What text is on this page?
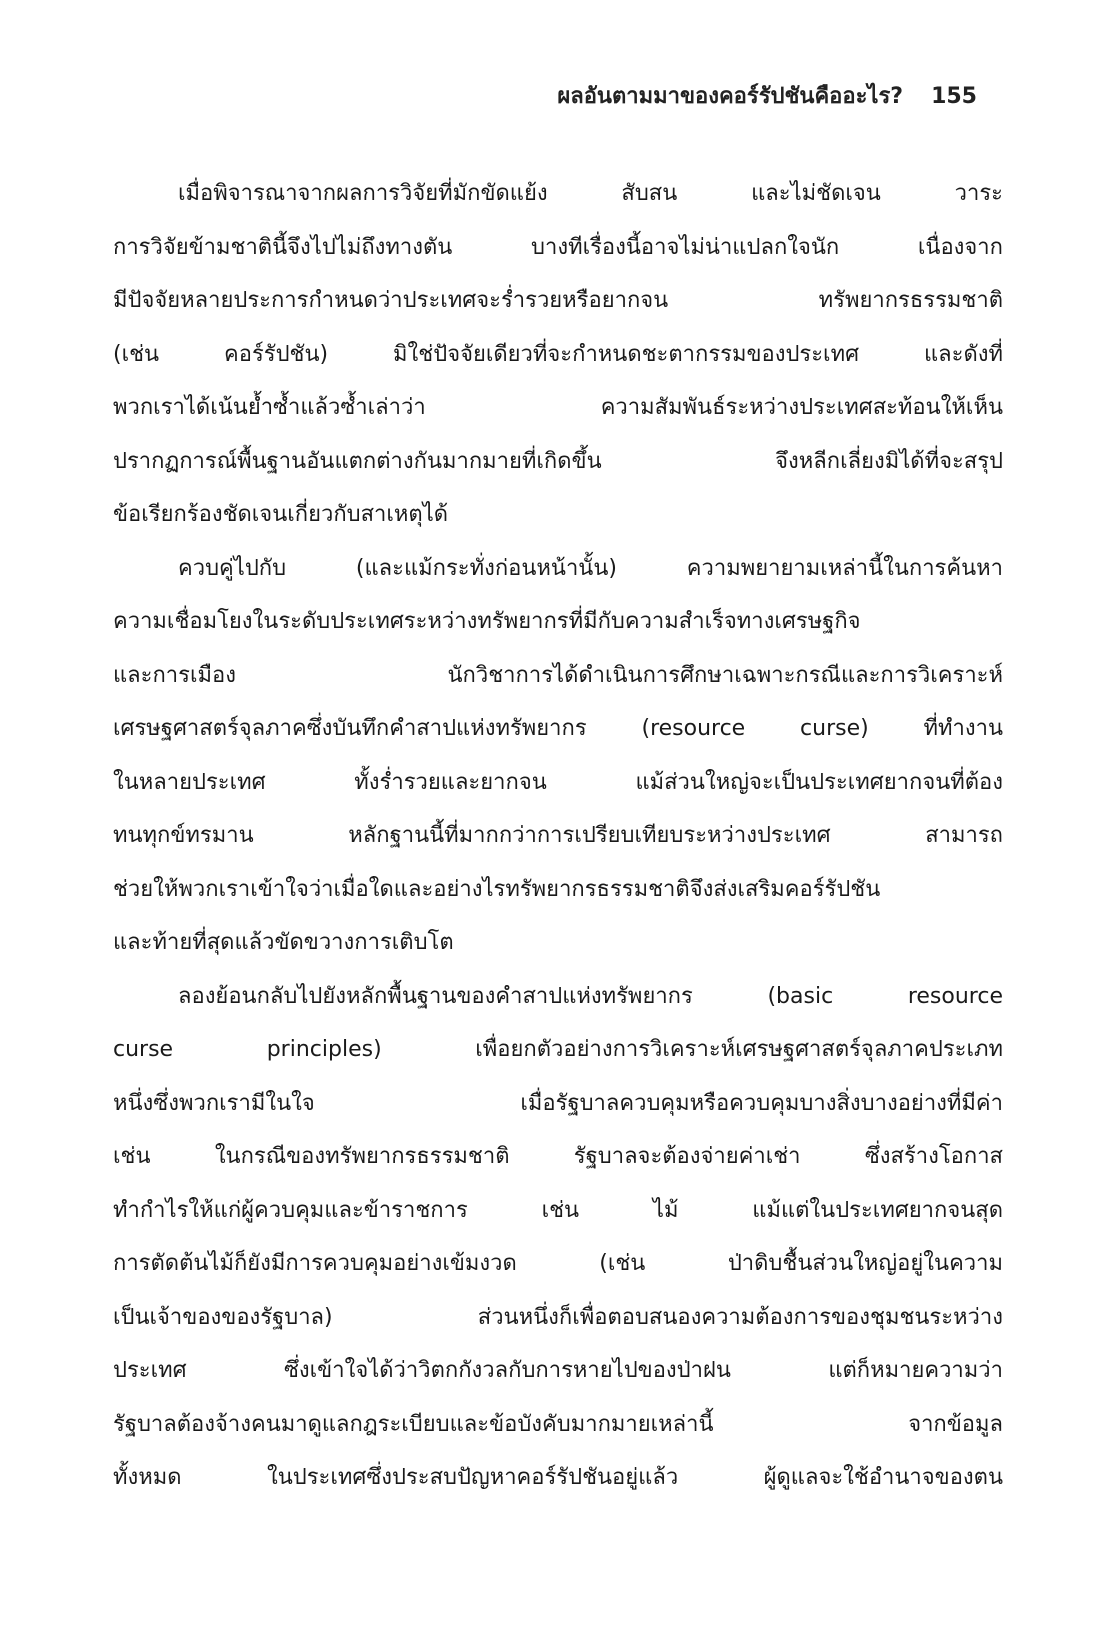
ผลอันตามมาของคอร์รัปชันคืออะไร? 155

เมื่อพิจารณาจากผลการวิจัยที่มักขัดแย้ง สับสน และไม่ชัดเจน วาระ
การวิจัยข้ามชาตินี้จึงไปไม่ถึงทางตัน บางทีเรื่องนี้อาจไม่น่าแปลกใจนัก เนื่องจาก
มีปัจจัยหลายประการกำหนดว่าประเทศจะร่ำรวยหรือยากจน ทรัพยากรธรรมชาติ
(เช่น คอร์รัปชัน) มิใช่ปัจจัยเดียวที่จะกำหนดชะตากรรมของประเทศ และดังที่
พวกเราได้เน้นย้ำซ้ำแล้วซ้ำเล่าว่า ความสัมพันธ์ระหว่างประเทศสะท้อนให้เห็น
ปรากฏการณ์พื้นฐานอันแตกต่างกันมากมายที่เกิดขึ้น จึงหลีกเลี่ยงมิได้ที่จะสรุป
ข้อเรียกร้องชัดเจนเกี่ยวกับสาเหตุได้

ควบคู่ไปกับ (และแม้กระทั่งก่อนหน้านั้น) ความพยายามเหล่านี้ในการค้นหา
ความเชื่อมโยงในระดับประเทศระหว่างทรัพยากรที่มีกับความสำเร็จทางเศรษฐกิจ
และการเมือง นักวิชาการได้ดำเนินการศึกษาเฉพาะกรณีและการวิเคราะห์
เศรษฐศาสตร์จุลภาคซึ่งบันทึกคำสาปแห่งทรัพยากร (resource curse) ที่ทำงาน
ในหลายประเทศ ทั้งร่ำรวยและยากจน แม้ส่วนใหญ่จะเป็นประเทศยากจนที่ต้อง
ทนทุกข์ทรมาน หลักฐานนี้ที่มากกว่าการเปรียบเทียบระหว่างประเทศ สามารถ
ช่วยให้พวกเราเข้าใจว่าเมื่อใดและอย่างไรทรัพยากรธรรมชาติจึงส่งเสริมคอร์รัปชัน
และท้ายที่สุดแล้วขัดขวางการเติบโต

ลองย้อนกลับไปยังหลักพื้นฐานของคำสาปแห่งทรัพยากร (basic resource
curse principles) เพื่อยกตัวอย่างการวิเคราะห์เศรษฐศาสตร์จุลภาคประเภท
หนึ่งซึ่งพวกเรามีในใจ เมื่อรัฐบาลควบคุมหรือควบคุมบางสิ่งบางอย่างที่มีค่า
เช่น ในกรณีของทรัพยากรธรรมชาติ รัฐบาลจะต้องจ่ายค่าเช่า ซึ่งสร้างโอกาส
ทำกำไรให้แก่ผู้ควบคุมและข้าราชการ เช่น ไม้ แม้แต่ในประเทศยากจนสุด
การตัดต้นไม้ก็ยังมีการควบคุมอย่างเข้มงวด (เช่น ป่าดิบชื้นส่วนใหญ่อยู่ในความ
เป็นเจ้าของของรัฐบาล) ส่วนหนึ่งก็เพื่อตอบสนองความต้องการของชุมชนระหว่าง
ประเทศ ซึ่งเข้าใจได้ว่าวิตกกังวลกับการหายไปของป่าฝน แต่ก็หมายความว่า
รัฐบาลต้องจ้างคนมาดูแลกฎระเบียบและข้อบังคับมากมายเหล่านี้ จากข้อมูล
ทั้งหมด ในประเทศซึ่งประสบปัญหาคอร์รัปชันอยู่แล้ว ผู้ดูแลจะใช้อำนาจของตน
